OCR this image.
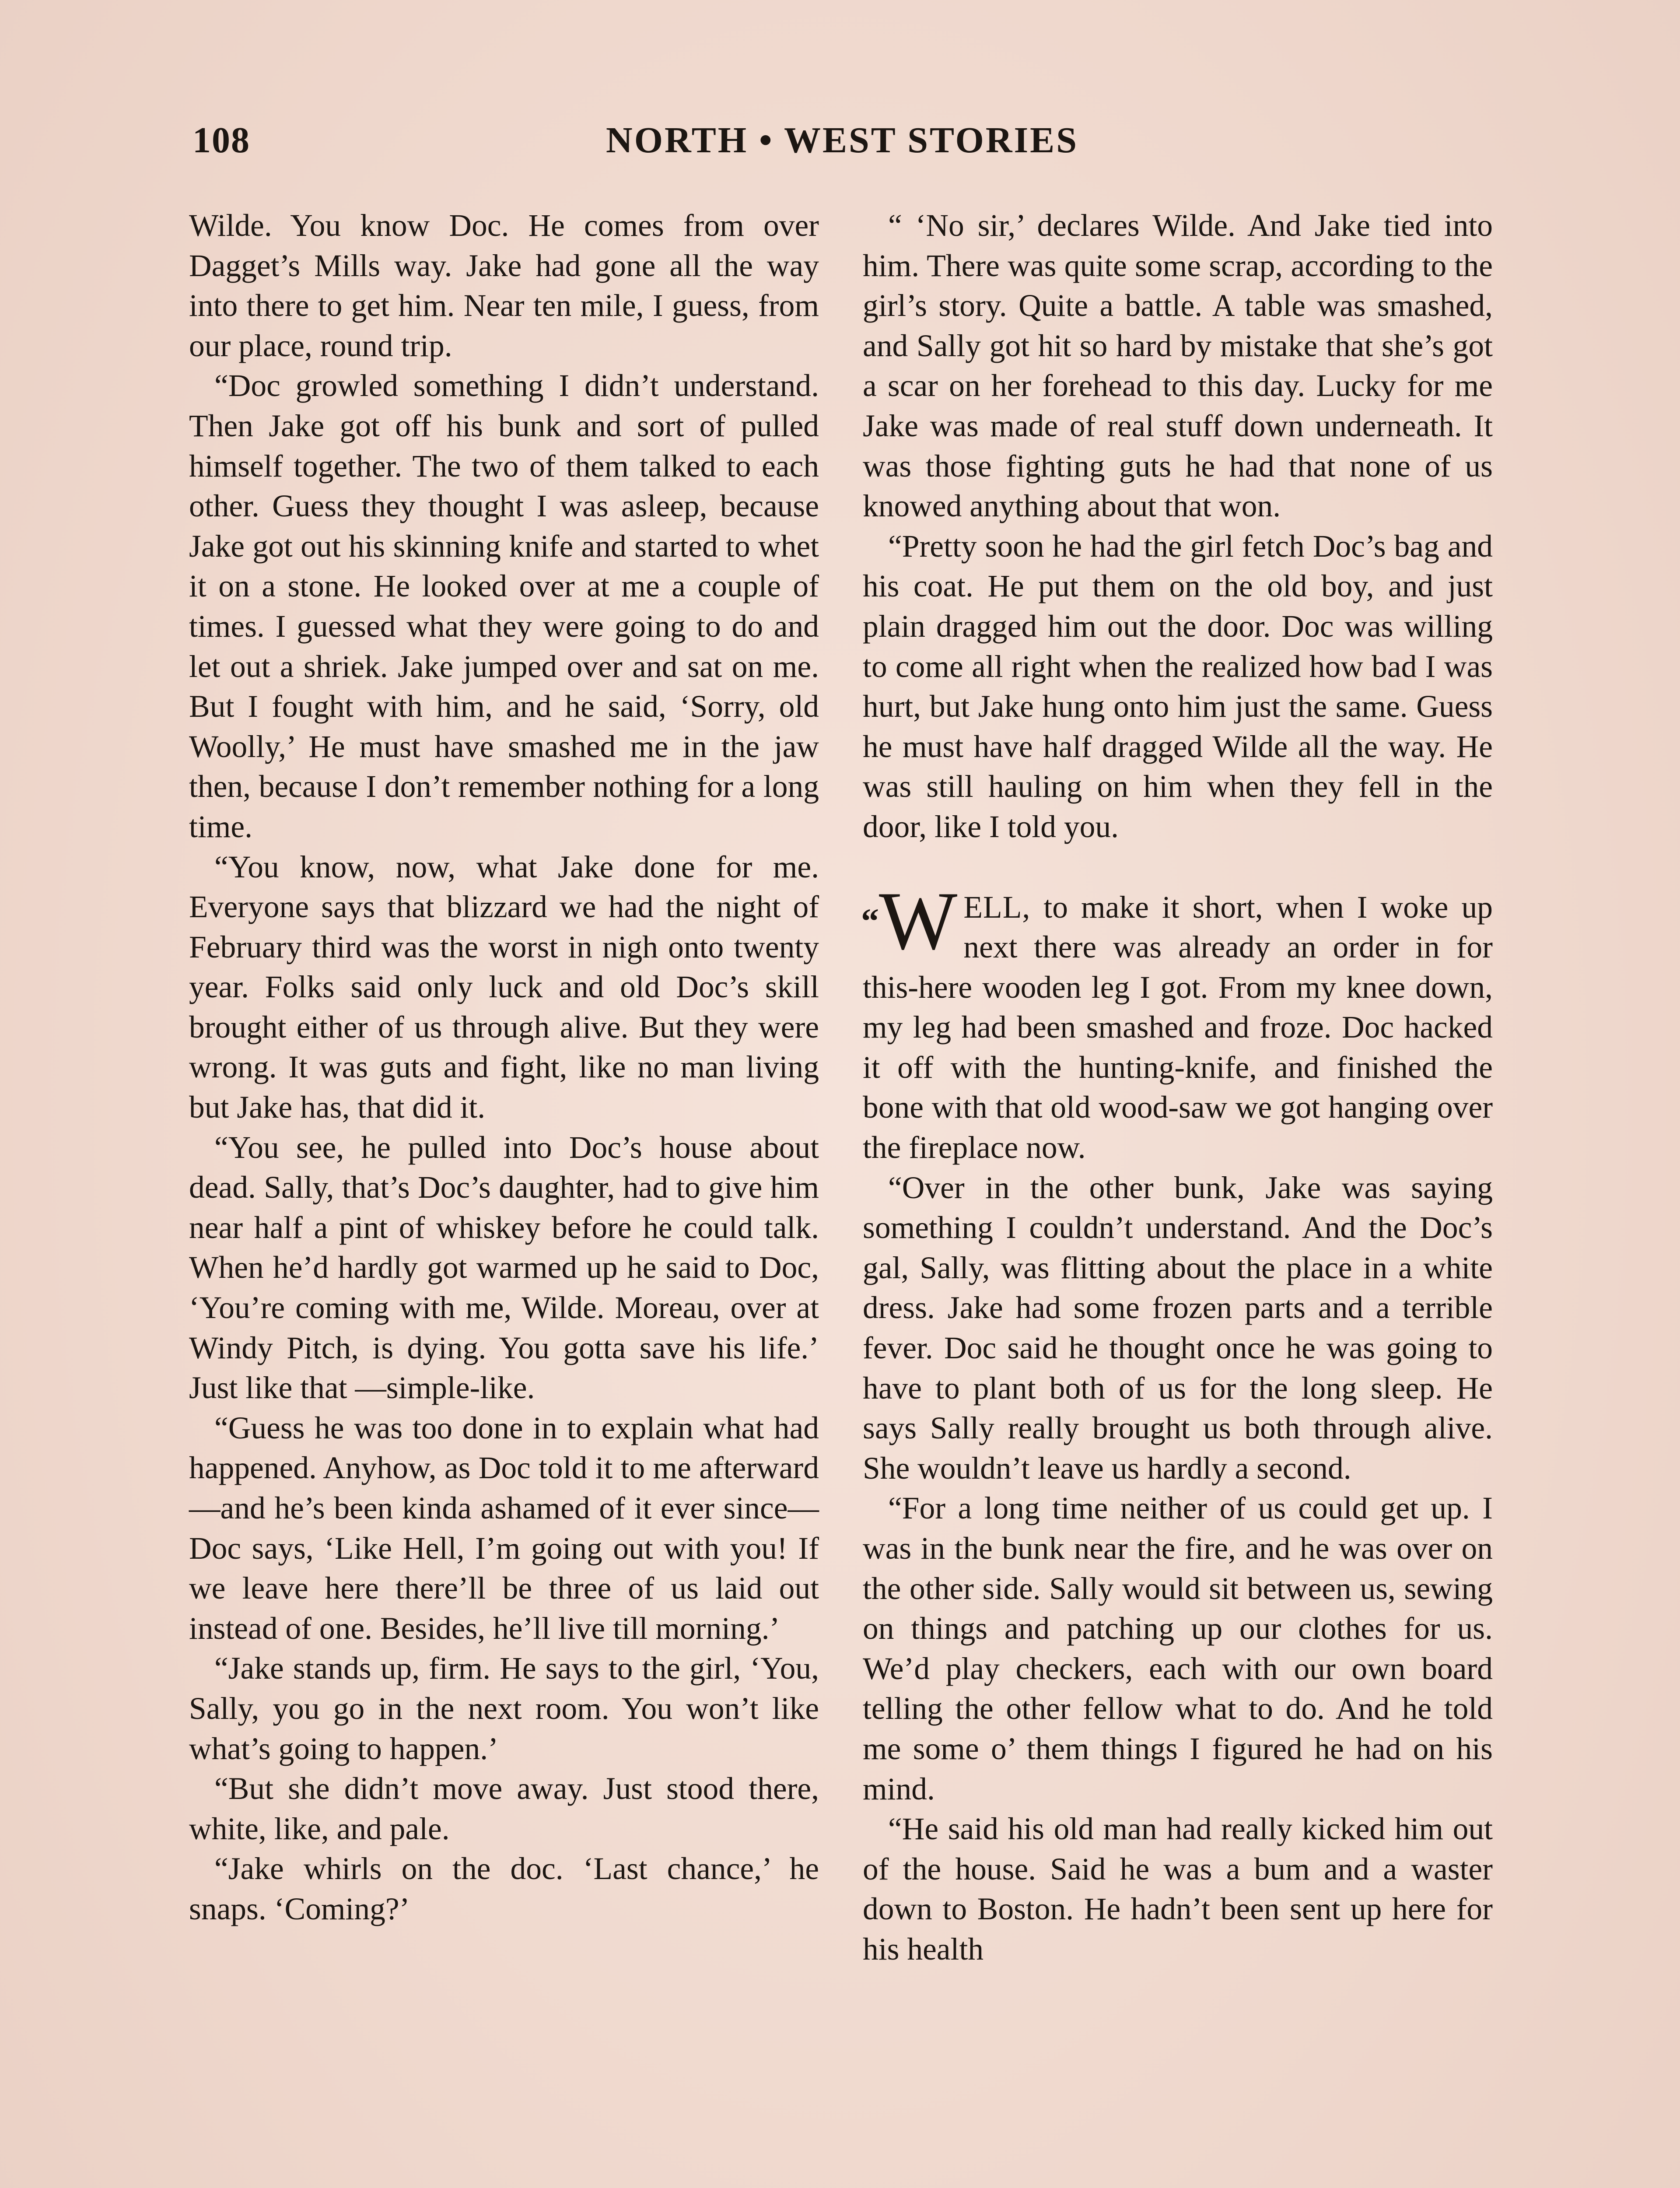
108	NORTH • WEST STORIES

Wilde. You know Doc. He comes from over Dagget’s Mills way. Jake had gone all the way into there to get him. Near ten mile, I guess, from our place, round trip.

“Doc growled something I didn’t understand. Then Jake got off his bunk and sort of pulled himself together. The two of them talked to each other. Guess they thought I was asleep, because Jake got out his skinning knife and started to whet it on a stone. He looked over at me a couple of times. I guessed what they were going to do and let out a shriek. Jake jumped over and sat on me. But I fought with him, and he said, ‘Sorry, old Woolly,’ He must have smashed me in the jaw then, because I don’t remember nothing for a long time.

“You know, now, what Jake done for me. Everyone says that blizzard we had the night of February third was the worst in nigh onto twenty year. Folks said only luck and old Doc’s skill brought either of us through alive. But they were wrong. It was guts and fight, like no man living but Jake has, that did it.

“You see, he pulled into Doc’s house about dead. Sally, that’s Doc’s daughter, had to give him near half a pint of whiskey before he could talk. When he’d hardly got warmed up he said to Doc, ‘You’re coming with me, Wilde. Moreau, over at Windy Pitch, is dying. You gotta save his life.’ Just like that —simple-like.

“Guess he was too done in to explain what had happened. Anyhow, as Doc told it to me afterward—and he’s been kinda ashamed of it ever since—Doc says, ‘Like Hell, I’m going out with you! If we leave here there’ll be three of us laid out instead of one. Besides, he’ll live till morning.’

“Jake stands up, firm. He says to the girl, ‘You, Sally, you go in the next room. You won’t like what’s going to happen.’

“But she didn’t move away. Just stood there, white, like, and pale.

“Jake whirls on the doc. ‘Last chance,’ he snaps. ‘Coming?’

“ ‘No sir,’ declares Wilde. And Jake tied into him. There was quite some scrap, according to the girl’s story. Quite a battle. A table was smashed, and Sally got hit so hard by mistake that she’s got a scar on her forehead to this day. Lucky for me Jake was made of real stuff down underneath. It was those fighting guts he had that none of us knowed anything about that won.

“Pretty soon he had the girl fetch Doc’s bag and his coat. He put them on the old boy, and just plain dragged him out the door. Doc was willing to come all right when the realized how bad I was hurt, but Jake hung onto him just the same. Guess he must have half dragged Wilde all the way. He was still hauling on him when they fell in the door, like I told you.

“W ELL, to make it short, when I woke up next there was already an order in for this-here wooden leg I got. From my knee down, my leg had been smashed and froze. Doc hacked it off with the hunting-knife, and finished the bone with that old wood-saw we got hanging over the fireplace now.

“Over in the other bunk, Jake was saying something I couldn’t understand. And the Doc’s gal, Sally, was flitting about the place in a white dress. Jake had some frozen parts and a terrible fever. Doc said he thought once he was going to have to plant both of us for the long sleep. He says Sally really brought us both through alive. She wouldn’t leave us hardly a second.

“For a long time neither of us could get up. I was in the bunk near the fire, and he was over on the other side. Sally would sit between us, sewing on things and patching up our clothes for us. We’d play checkers, each with our own board telling the other fellow what to do. And he told me some o’ them things I figured he had on his mind.

“He said his old man had really kicked him out of the house. Said he was a bum and a waster down to Boston. He hadn’t been sent up here for his health
